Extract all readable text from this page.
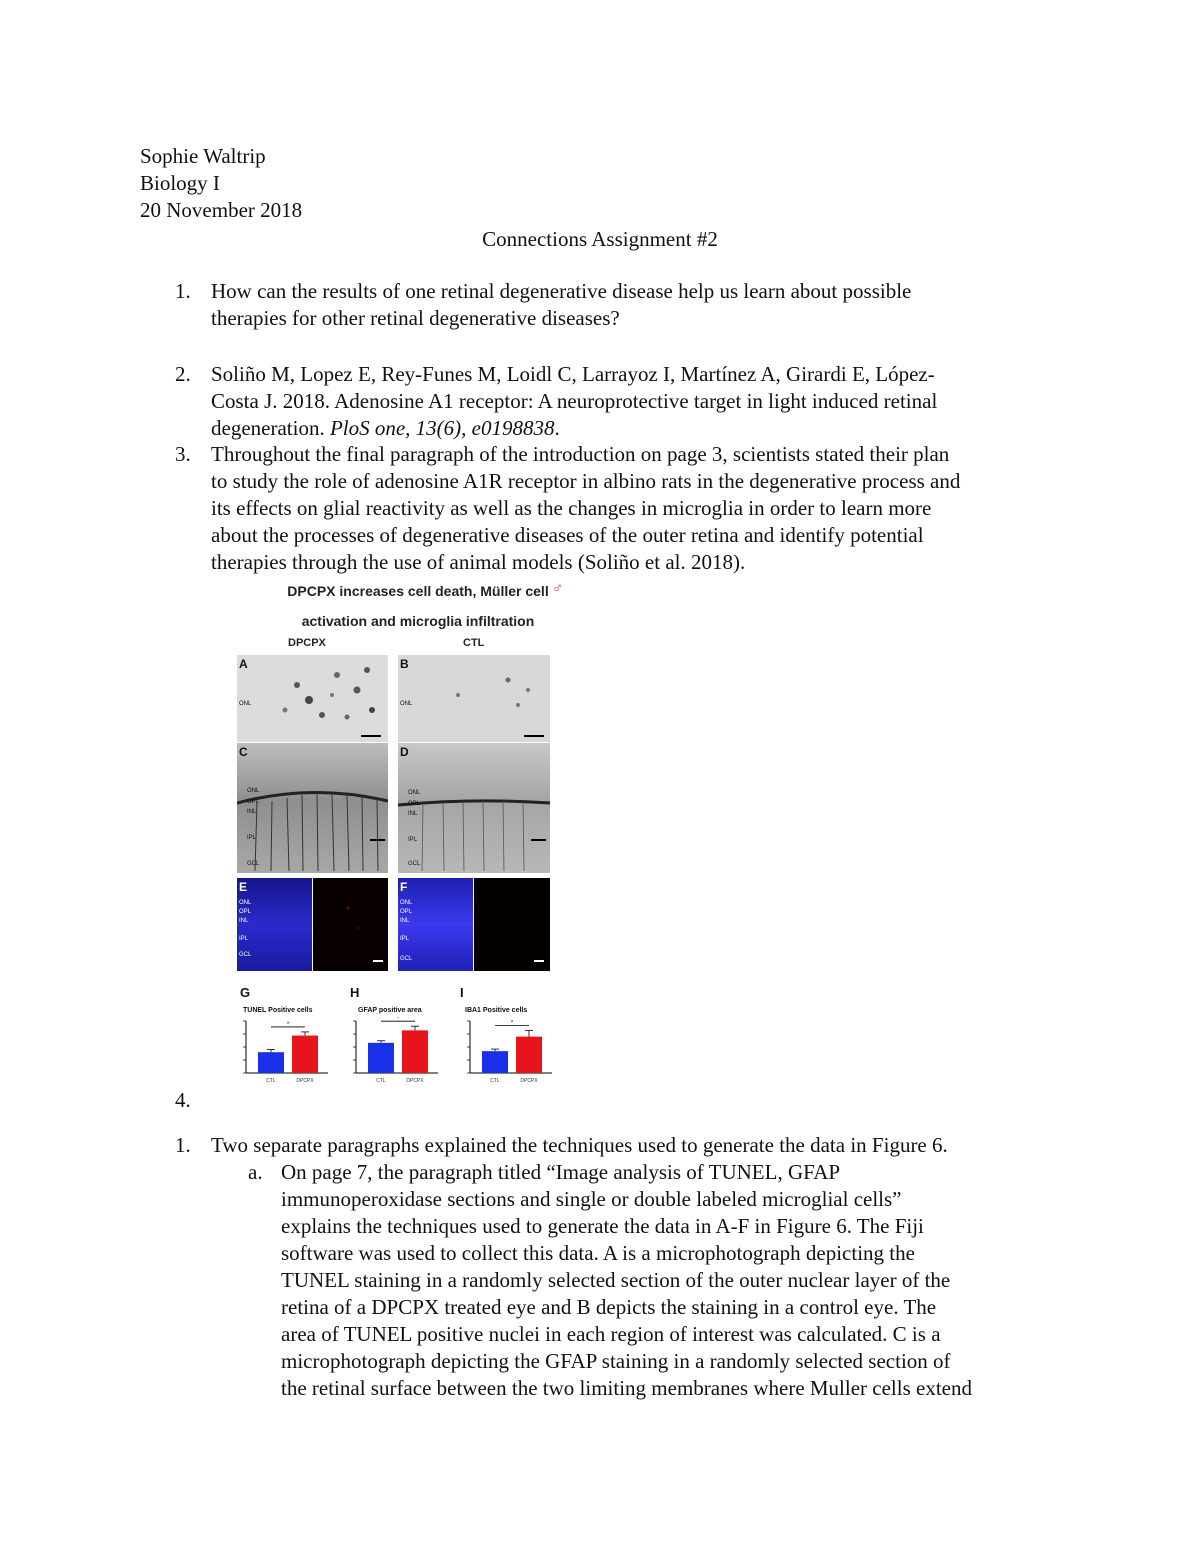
Sophie Waltrip
Biology I
20 November 2018
Connections Assignment #2
1. How can the results of one retinal degenerative disease help us learn about possible
therapies for other retinal degenerative diseases?
2. Soliño M, Lopez E, Rey-Funes M, Loidl C, Larrayoz I, Martínez A, Girardi E, López-
Costa J. 2018. Adenosine A1 receptor: A neuroprotective target in light induced retinal
degeneration. PloS one, 13(6), e0198838.
3. Throughout the final paragraph of the introduction on page 3, scientists stated their plan
to study the role of adenosine A1R receptor in albino rats in the degenerative process and
its effects on glial reactivity as well as the changes in microglia in order to learn more
about the processes of degenerative diseases of the outer retina and identify potential
therapies through the use of animal models (Soliño et al. 2018).
DPCPX increases cell death, Müller cell ♂
activation and microglia infiltration
DPCPX	CTL
A
ONL
B
ONL
C
ONL
OPL
INL
IPL
GCL
D
ONL
OPL
INL
IPL
GCL
E
ONL
OPL
INL
IPL
GCL
F
ONL
OPL
INL
IPL
GCL
G
TUNEL Positive cells
CTL	DPCPX
*
H
GFAP positive area
CTL	DPCPX
*
I
IBA1 Positive cells
CTL	DPCPX
*
4.
1. Two separate paragraphs explained the techniques used to generate the data in Figure 6.
a. On page 7, the paragraph titled “Image analysis of TUNEL, GFAP
immunoperoxidase sections and single or double labeled microglial cells”
explains the techniques used to generate the data in A-F in Figure 6. The Fiji
software was used to collect this data. A is a microphotograph depicting the
TUNEL staining in a randomly selected section of the outer nuclear layer of the
retina of a DPCPX treated eye and B depicts the staining in a control eye. The
area of TUNEL positive nuclei in each region of interest was calculated. C is a
microphotograph depicting the GFAP staining in a randomly selected section of
the retinal surface between the two limiting membranes where Muller cells extend
